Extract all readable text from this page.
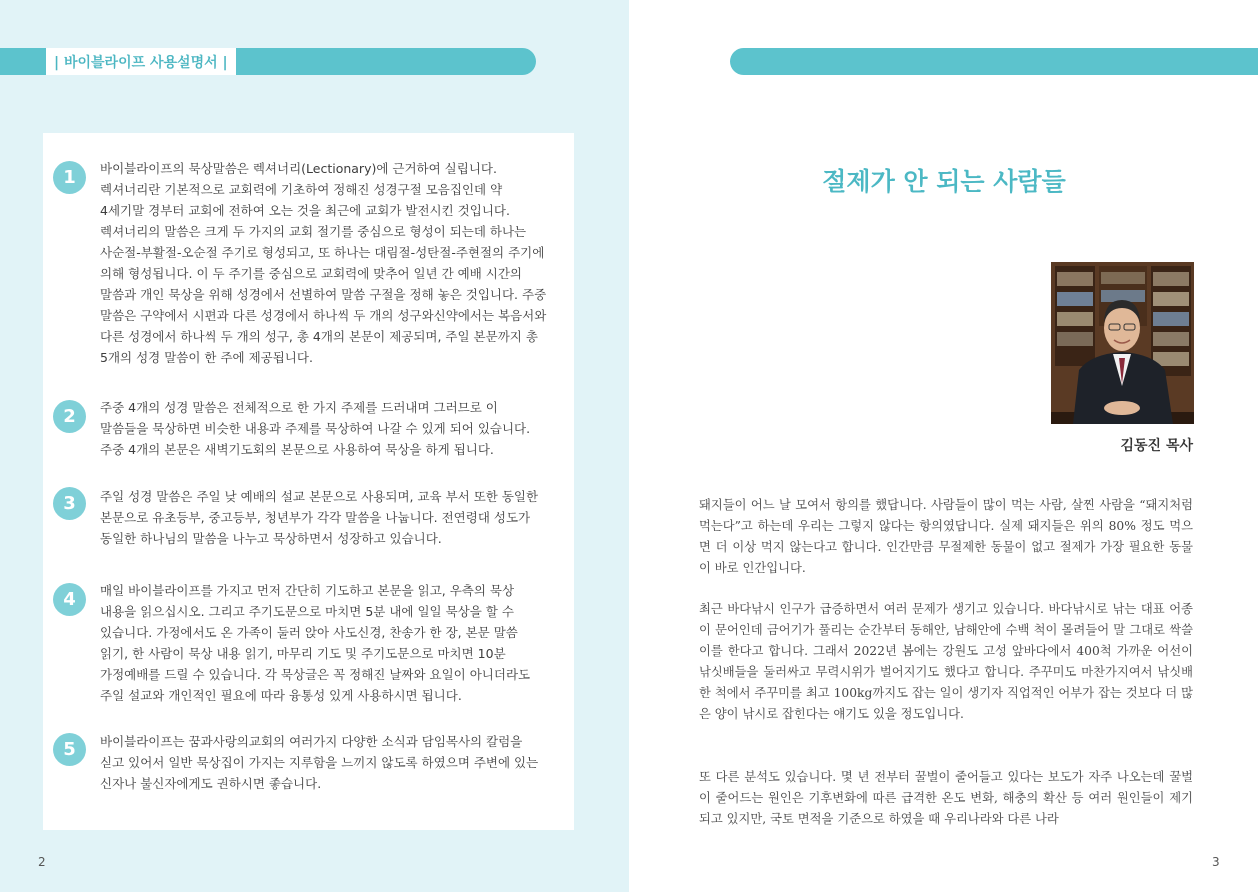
| 바이블라이프 사용설명서 |
1	바이블라이프의 묵상말씀은 렉셔너리(Lectionary)에 근거하여 실립니다. 렉셔너리란 기본적으로 교회력에 기초하여 정해진 성경구절 모음집인데 약 4세기말 경부터 교회에 전하여 오는 것을 최근에 교회가 발전시킨 것입니다. 렉셔너리의 말씀은 크게 두 가지의 교회 절기를 중심으로 형성이 되는데 하나는 사순절-부활절-오순절 주기로 형성되고, 또 하나는 대림절-성탄절-주현절의 주기에 의해 형성됩니다. 이 두 주기를 중심으로 교회력에 맞추어 일년 간 예배 시간의 말씀과 개인 묵상을 위해 성경에서 선별하여 말씀 구절을 정해 놓은 것입니다. 주중 말씀은 구약에서 시편과 다른 성경에서 하나씩 두 개의 성구와신약에서는 복음서와 다른 성경에서 하나씩 두 개의 성구, 총 4개의 본문이 제공되며, 주일 본문까지 총 5개의 성경 말씀이 한 주에 제공됩니다.
2	주중 4개의 성경 말씀은 전체적으로 한 가지 주제를 드러내며 그러므로 이 말씀들을 묵상하면 비슷한 내용과 주제를 묵상하여 나갈 수 있게 되어 있습니다. 주중 4개의 본문은 새벽기도회의 본문으로 사용하여 묵상을 하게 됩니다.
3	주일 성경 말씀은 주일 낮 예배의 설교 본문으로 사용되며, 교육 부서 또한 동일한 본문으로 유초등부, 중고등부, 청년부가 각각 말씀을 나눕니다. 전연령대 성도가 동일한 하나님의 말씀을 나누고 묵상하면서 성장하고 있습니다.
4	매일 바이블라이프를 가지고 먼저 간단히 기도하고 본문을 읽고, 우측의 묵상 내용을 읽으십시오. 그리고 주기도문으로 마치면 5분 내에 일일 묵상을 할 수 있습니다. 가정에서도 온 가족이 둘러 앉아 사도신경, 찬송가 한 장, 본문 말씀 읽기, 한 사람이 묵상 내용 읽기, 마무리 기도 및 주기도문으로 마치면 10분 가정예배를 드릴 수 있습니다. 각 묵상글은 꼭 정해진 날짜와 요일이 아니더라도 주일 설교와 개인적인 필요에 따라 융통성 있게 사용하시면 됩니다.
5	바이블라이프는 꿈과사랑의교회의 여러가지 다양한 소식과 담임목사의 칼럼을 싣고 있어서 일반 묵상집이 가지는 지루함을 느끼지 않도록 하였으며 주변에 있는 신자나 불신자에게도 권하시면 좋습니다.
2
절제가 안 되는 사람들
김동진 목사
돼지들이 어느 날 모여서 항의를 했답니다. 사람들이 많이 먹는 사람, 살찐 사람을 “돼지처럼 먹는다”고 하는데 우리는 그렇지 않다는 항의였답니다. 실제 돼지들은 위의 80% 정도 먹으면 더 이상 먹지 않는다고 합니다. 인간만큼 무절제한 동물이 없고 절제가 가장 필요한 동물이 바로 인간입니다.
최근 바다낚시 인구가 급증하면서 여러 문제가 생기고 있습니다. 바다낚시로 낚는 대표 어종이 문어인데 금어기가 풀리는 순간부터 동해안, 남해안에 수백 척이 몰려들어 말 그대로 싹쓸이를 한다고 합니다. 그래서 2022년 봄에는 강원도 고성 앞바다에서 400척 가까운 어선이 낚싯배들을 둘러싸고 무력시위가 벌어지기도 했다고 합니다. 주꾸미도 마찬가지여서 낚싯배 한 척에서 주꾸미를 최고 100kg까지도 잡는 일이 생기자 직업적인 어부가 잡는 것보다 더 많은 양이 낚시로 잡힌다는 얘기도 있을 정도입니다.
또 다른 분석도 있습니다. 몇 년 전부터 꿀벌이 줄어들고 있다는 보도가 자주 나오는데 꿀벌이 줄어드는 원인은 기후변화에 따른 급격한 온도 변화, 해충의 확산 등 여러 원인들이 제기되고 있지만, 국토 면적을 기준으로 하였을 때 우리나라와 다른 나라
3
